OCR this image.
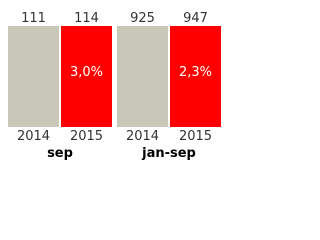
111
2014
114
2015
3,0%
sep
925
2014
947
2015
2,3%
jan-sep
